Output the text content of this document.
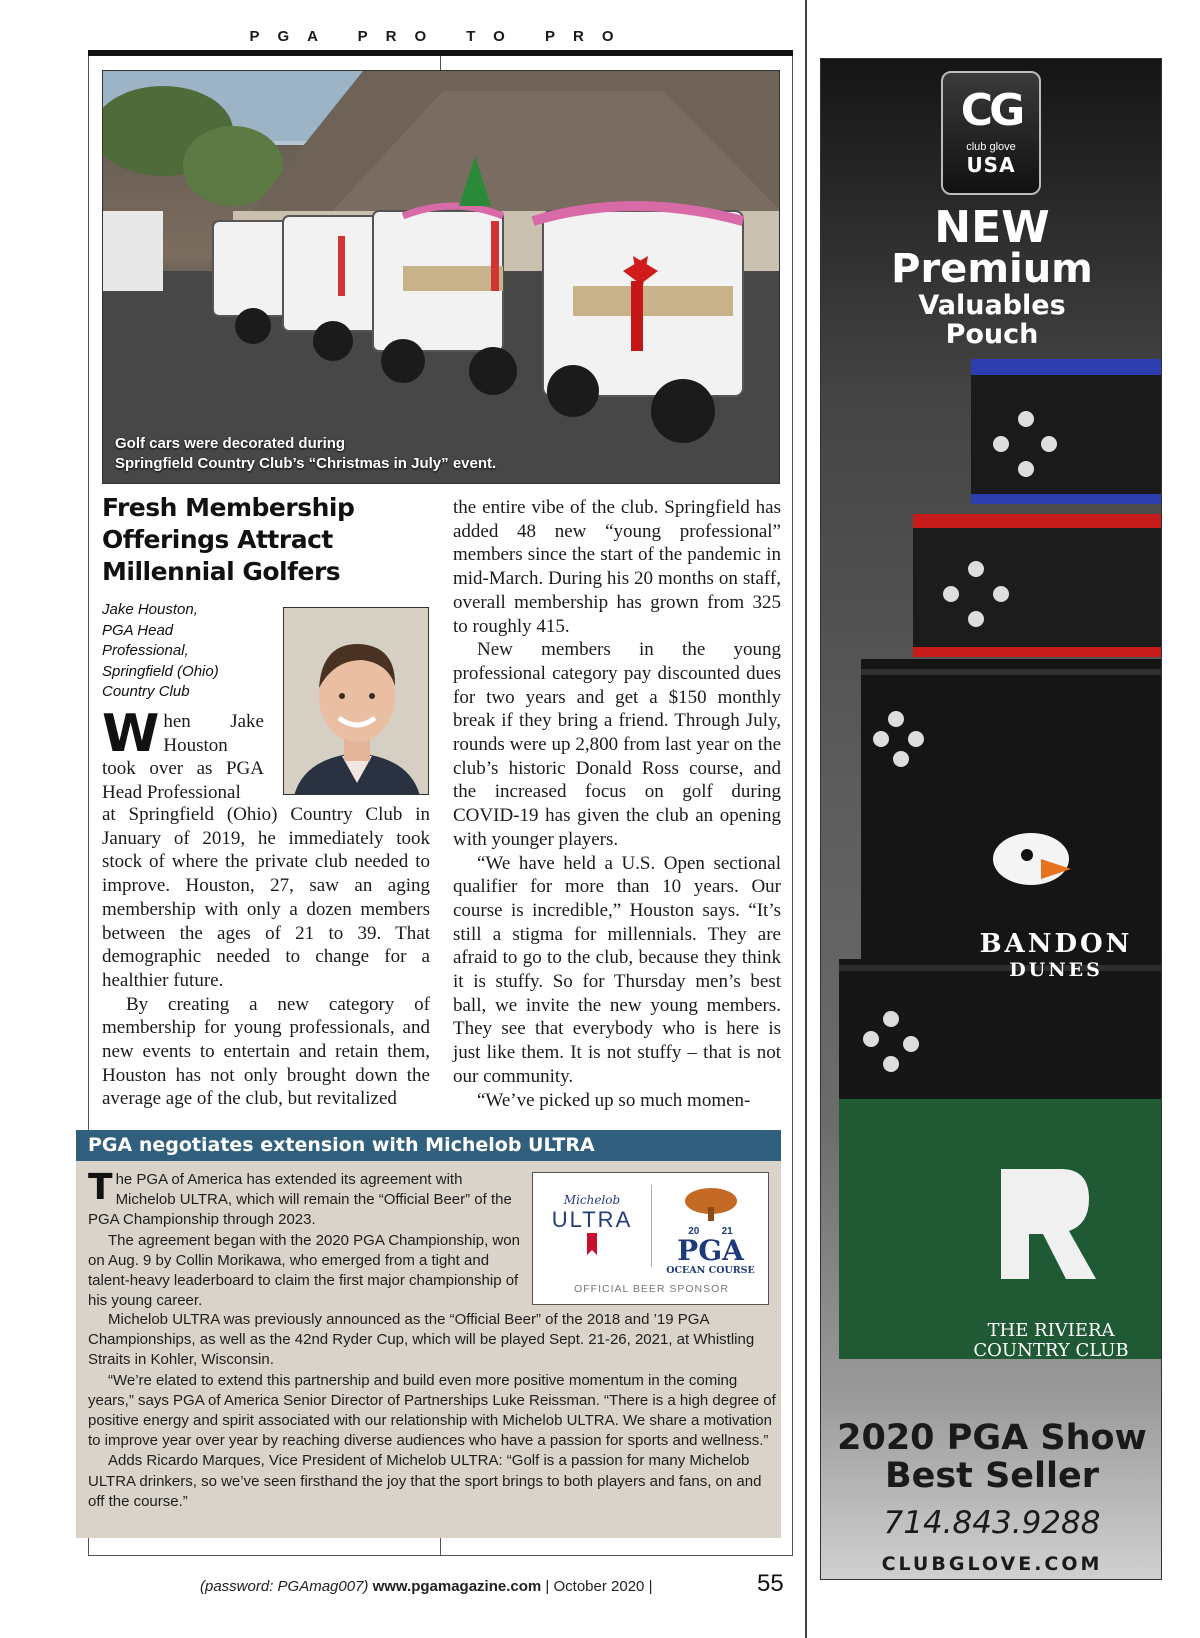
PGA PRO TO PRO
Golf cars were decorated during
Springfield Country Club’s “Christmas in July” event.
Fresh Membership Offerings Attract Millennial Golfers
Jake Houston,
PGA Head
Professional,
Springfield (Ohio)
Country Club
When Jake Houston took over as PGA Head Professional

at Springfield (Ohio) Country Club in January of 2019, he immediately took stock of where the private club needed to improve. Houston, 27, saw an aging membership with only a dozen members between the ages of 21 to 39. That demographic needed to change for a healthier future.

By creating a new category of membership for young professionals, and new events to entertain and retain them, Houston has not only brought down the average age of the club, but revitalized

the entire vibe of the club. Springfield has added 48 new “young professional” members since the start of the pandemic in mid-March. During his 20 months on staff, overall membership has grown from 325 to roughly 415.

New members in the young professional category pay discounted dues for two years and get a $150 monthly break if they bring a friend. Through July, rounds were up 2,800 from last year on the club’s historic Donald Ross course, and the increased focus on golf during COVID-19 has given the club an opening with younger players.

“We have held a U.S. Open sectional qualifier for more than 10 years. Our course is incredible,” Houston says. “It’s still a stigma for millennials. They are afraid to go to the club, because they think it is stuffy. So for Thursday men’s best ball, we invite the new young members. They see that everybody who is here is just like them. It is not stuffy – that is not our community.

“We’ve picked up so much momen-

PGA negotiates extension with Michelob ULTRA

The PGA of America has extended its agreement with Michelob ULTRA, which will remain the “Official Beer” of the PGA Championship through 2023.

The agreement began with the 2020 PGA Championship, won on Aug. 9 by Collin Morikawa, who emerged from a tight and talent-heavy leaderboard to claim the first major championship of his young career.

Michelob
ULTRA	20 21
PGA
OCEAN COURSE
OFFICIAL BEER SPONSOR

Michelob ULTRA was previously announced as the “Official Beer” of the 2018 and ’19 PGA Championships, as well as the 42nd Ryder Cup, which will be played Sept. 21-26, 2021, at Whistling Straits in Kohler, Wisconsin.

“We’re elated to extend this partnership and build even more positive momentum in the coming years,” says PGA of America Senior Director of Partnerships Luke Reissman. “There is a high degree of positive energy and spirit associated with our relationship with Michelob ULTRA. We share a motivation to improve year over year by reaching diverse audiences who have a passion for sports and wellness.”

Adds Ricardo Marques, Vice President of Michelob ULTRA: “Golf is a passion for many Michelob ULTRA drinkers, so we’ve seen firsthand the joy that the sport brings to both players and fans, on and off the course.”

(password: PGAmag007) www.pgamagazine.com | October 2020 |	55
CG
club glove
USA
NEW
Premium
Valuables
Pouch
BANDON
DUNES
THE RIVIERA
COUNTRY CLUB
2020 PGA Show
Best Seller
714.843.9288
CLUBGLOVE.COM
